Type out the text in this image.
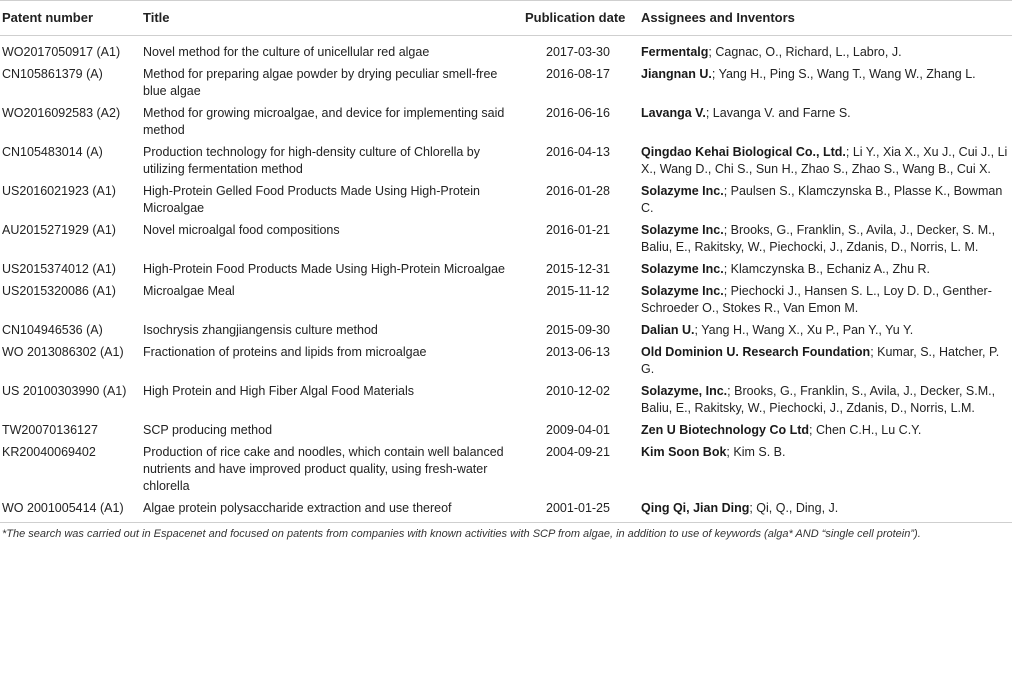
Patent number	Title	Publication date	Assignees and Inventors
WO2017050917 (A1)	Novel method for the culture of unicellular red algae	2017-03-30	Fermentalg; Cagnac, O., Richard, L., Labro, J.
CN105861379 (A)	Method for preparing algae powder by drying peculiar smell-free blue algae	2016-08-17	Jiangnan U.; Yang H., Ping S., Wang T., Wang W., Zhang L.
WO2016092583 (A2)	Method for growing microalgae, and device for implementing said method	2016-06-16	Lavanga V.; Lavanga V. and Farne S.
CN105483014 (A)	Production technology for high-density culture of Chlorella by utilizing fermentation method	2016-04-13	Qingdao Kehai Biological Co., Ltd.; Li Y., Xia X., Xu J., Cui J., Li X., Wang D., Chi S., Sun H., Zhao S., Zhao S., Wang B., Cui X.
US2016021923 (A1)	High-Protein Gelled Food Products Made Using High-Protein Microalgae	2016-01-28	Solazyme Inc.; Paulsen S., Klamczynska B., Plasse K., Bowman C.
AU2015271929 (A1)	Novel microalgal food compositions	2016-01-21	Solazyme Inc.; Brooks, G., Franklin, S., Avila, J., Decker, S. M., Baliu, E., Rakitsky, W., Piechocki, J., Zdanis, D., Norris, L. M.
US2015374012 (A1)	High-Protein Food Products Made Using High-Protein Microalgae	2015-12-31	Solazyme Inc.; Klamczynska B., Echaniz A., Zhu R.
US2015320086 (A1)	Microalgae Meal	2015-11-12	Solazyme Inc.; Piechocki J., Hansen S. L., Loy D. D., Genther-Schroeder O., Stokes R., Van Emon M.
CN104946536 (A)	Isochrysis zhangjiangensis culture method	2015-09-30	Dalian U.; Yang H., Wang X., Xu P., Pan Y., Yu Y.
WO 2013086302 (A1)	Fractionation of proteins and lipids from microalgae	2013-06-13	Old Dominion U. Research Foundation; Kumar, S., Hatcher, P. G.
US 20100303990 (A1)	High Protein and High Fiber Algal Food Materials	2010-12-02	Solazyme, Inc.; Brooks, G., Franklin, S., Avila, J., Decker, S.M., Baliu, E., Rakitsky, W., Piechocki, J., Zdanis, D., Norris, L.M.
TW20070136127	SCP producing method	2009-04-01	Zen U Biotechnology Co Ltd; Chen C.H., Lu C.Y.
KR20040069402	Production of rice cake and noodles, which contain well balanced nutrients and have improved product quality, using fresh-water chlorella	2004-09-21	Kim Soon Bok; Kim S. B.
WO 2001005414 (A1)	Algae protein polysaccharide extraction and use thereof	2001-01-25	Qing Qi, Jian Ding; Qi, Q., Ding, J.
*The search was carried out in Espacenet and focused on patents from companies with known activities with SCP from algae, in addition to use of keywords (alga* AND “single cell protein”).
